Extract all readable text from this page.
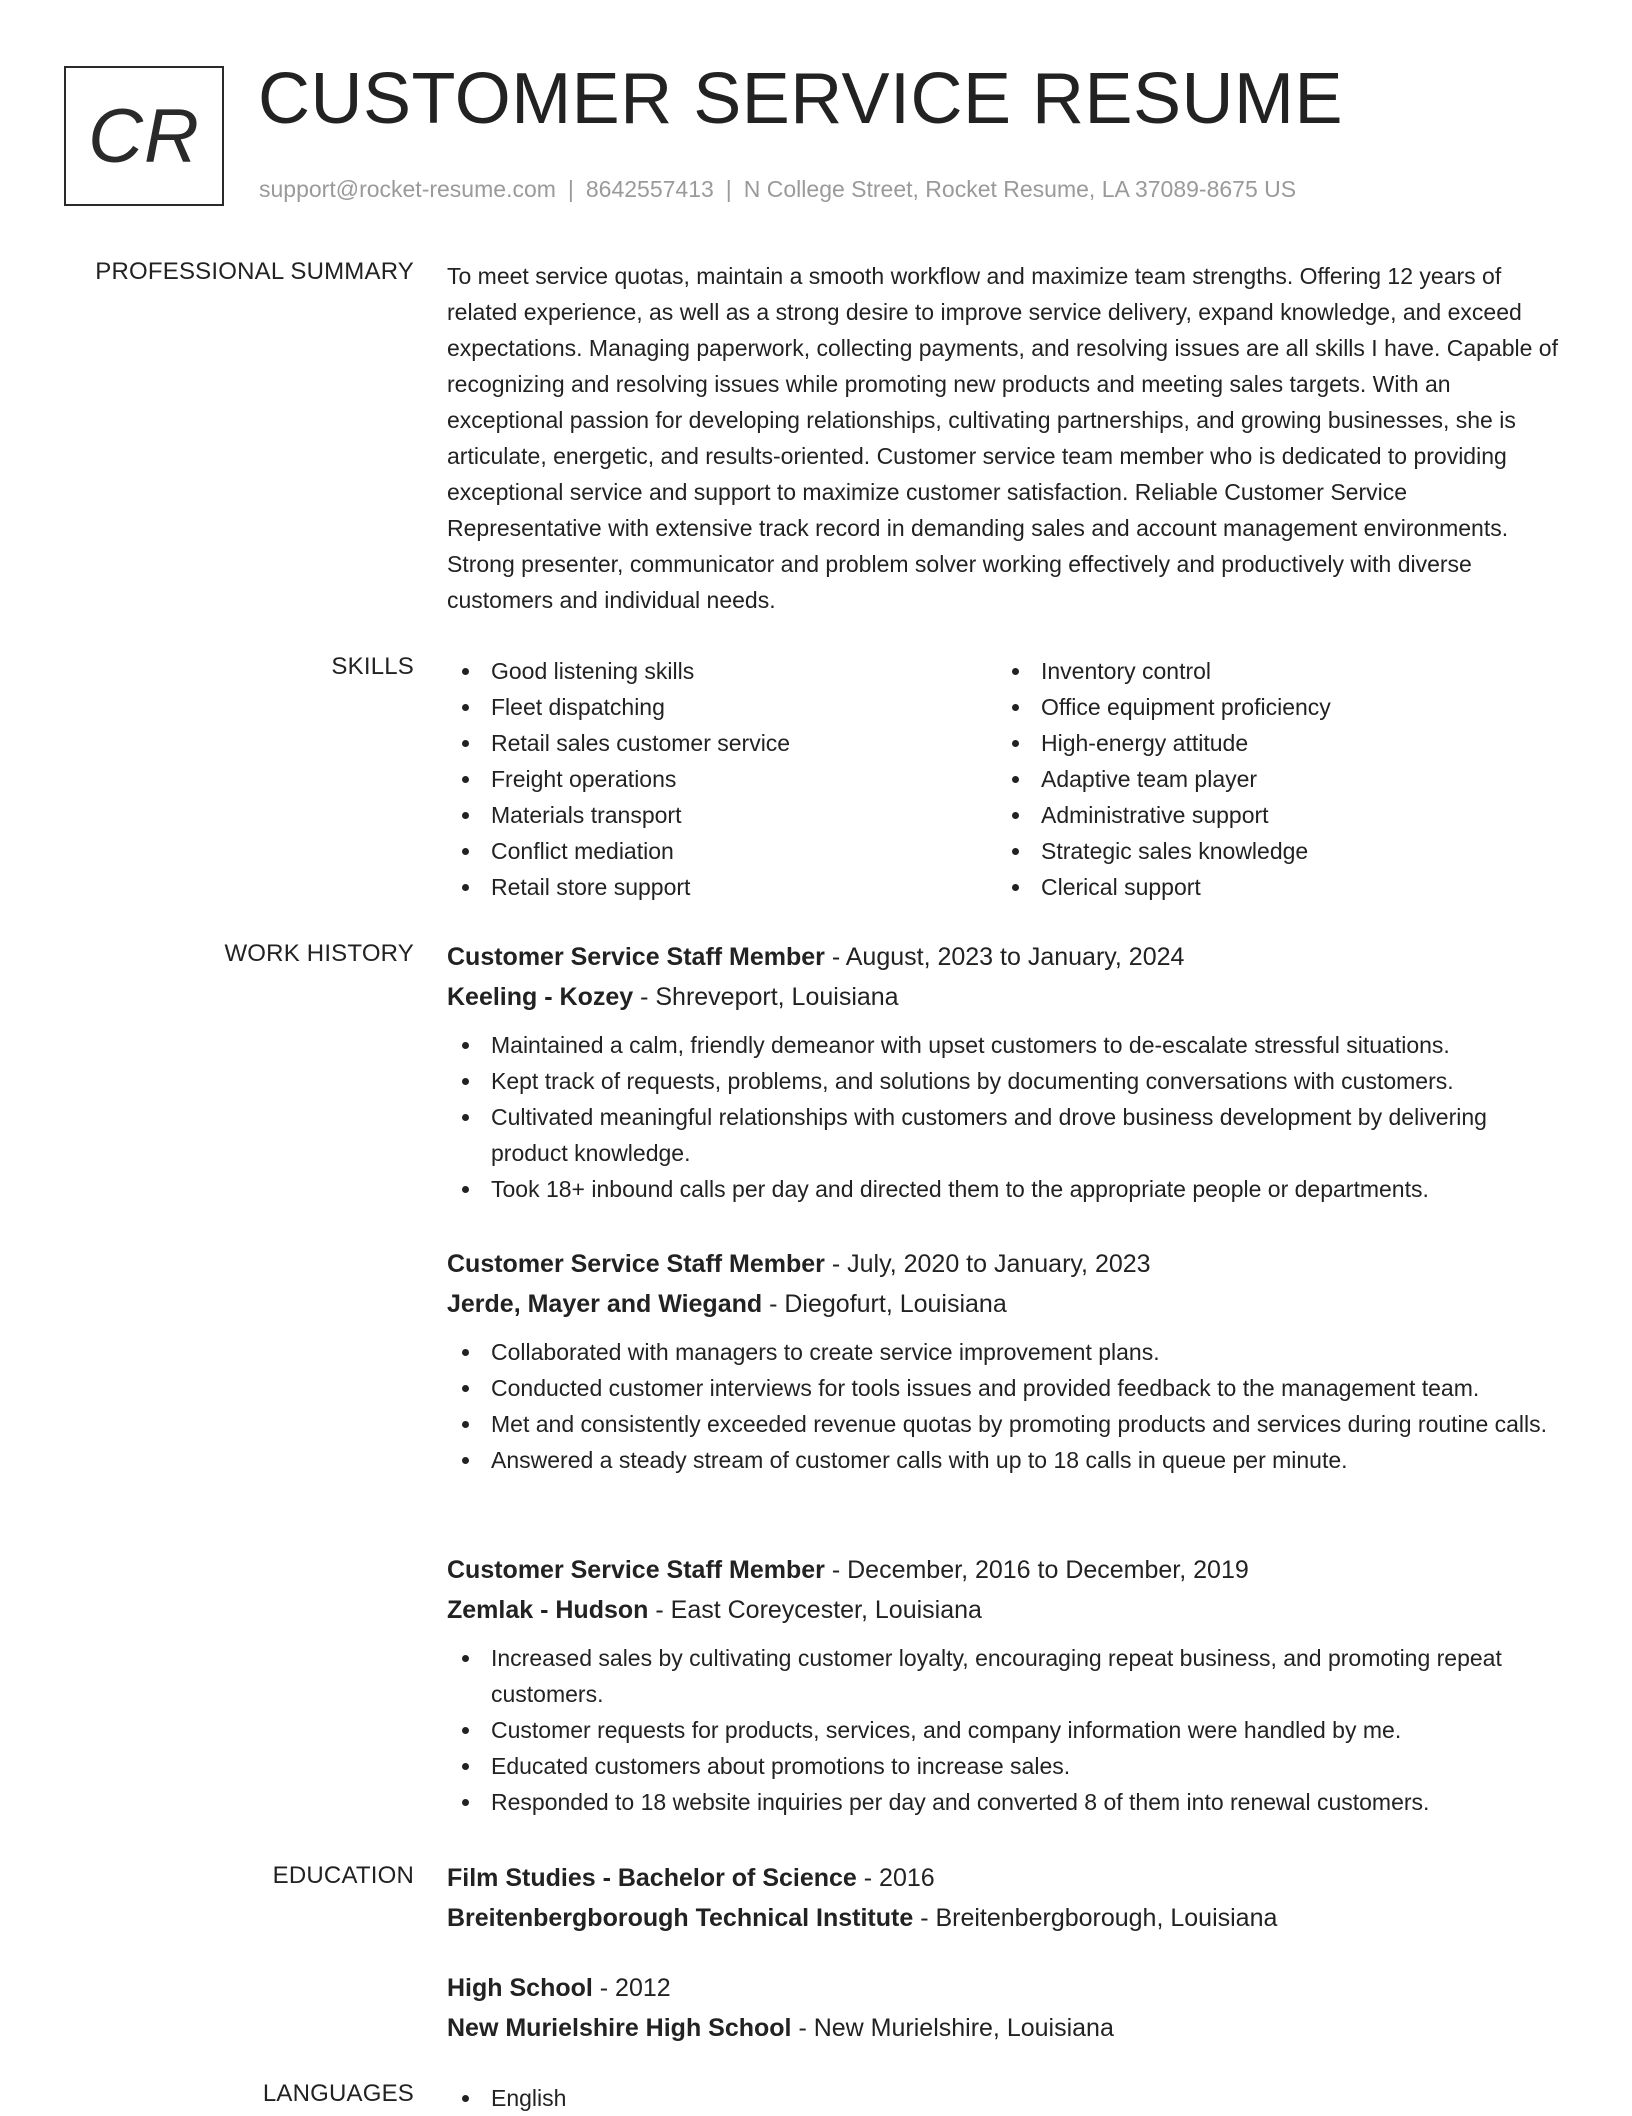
CR CUSTOMER SERVICE RESUME
support@rocket-resume.com | 8642557413 | N College Street, Rocket Resume, LA 37089-8675 US
PROFESSIONAL SUMMARY To meet service quotas, maintain a smooth workflow and maximize team strengths. Offering 12 years of related experience, as well as a strong desire to improve service delivery, expand knowledge, and exceed expectations. Managing paperwork, collecting payments, and resolving issues are all skills I have. Capable of recognizing and resolving issues while promoting new products and meeting sales targets. With an exceptional passion for developing relationships, cultivating partnerships, and growing businesses, she is articulate, energetic, and results-oriented. Customer service team member who is dedicated to providing exceptional service and support to maximize customer satisfaction. Reliable Customer Service Representative with extensive track record in demanding sales and account management environments. Strong presenter, communicator and problem solver working effectively and productively with diverse customers and individual needs.

SKILLS	Good listening skills
Fleet dispatching
Retail sales customer service
Freight operations
Materials transport
Conflict mediation
Retail store support
Inventory control
Office equipment proficiency
High-energy attitude
Adaptive team player
Administrative support
Strategic sales knowledge
Clerical support
WORK HISTORY Customer Service Staff Member - August, 2023 to January, 2024
Keeling - Kozey - Shreveport, Louisiana
Maintained a calm, friendly demeanor with upset customers to de-escalate stressful situations.
Kept track of requests, problems, and solutions by documenting conversations with customers.
Cultivated meaningful relationships with customers and drove business development by delivering product knowledge.
Took 18+ inbound calls per day and directed them to the appropriate people or departments.
Customer Service Staff Member - July, 2020 to January, 2023
Jerde, Mayer and Wiegand - Diegofurt, Louisiana
Collaborated with managers to create service improvement plans.
Conducted customer interviews for tools issues and provided feedback to the management team.
Met and consistently exceeded revenue quotas by promoting products and services during routine calls.
Answered a steady stream of customer calls with up to 18 calls in queue per minute.
Customer Service Staff Member - December, 2016 to December, 2019
Zemlak - Hudson - East Coreycester, Louisiana
Increased sales by cultivating customer loyalty, encouraging repeat business, and promoting repeat customers.
Customer requests for products, services, and company information were handled by me.
Educated customers about promotions to increase sales.
Responded to 18 website inquiries per day and converted 8 of them into renewal customers.
EDUCATION Film Studies - Bachelor of Science - 2016
Breitenbergborough Technical Institute - Breitenbergborough, Louisiana
High School - 2012
New Murielshire High School - New Murielshire, Louisiana
LANGUAGES	English
